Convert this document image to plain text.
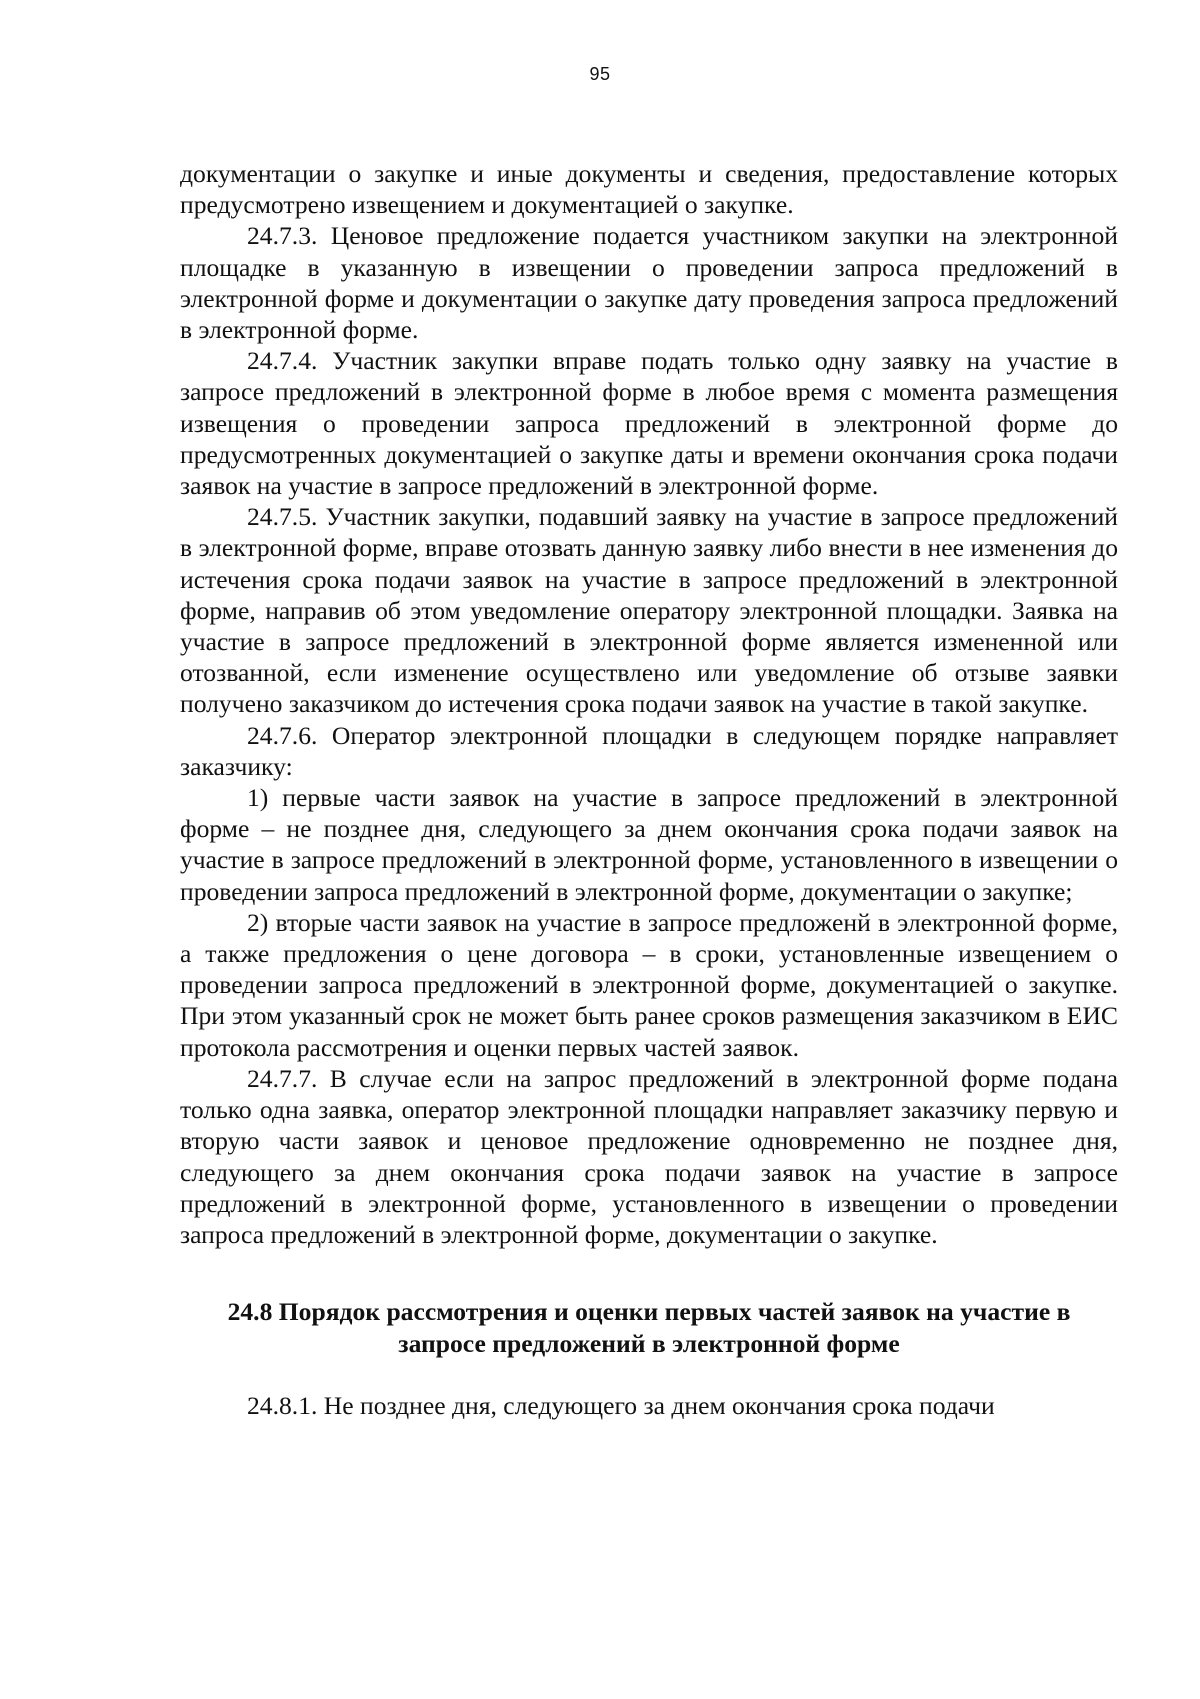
95

документации о закупке и иные документы и сведения, предоставление которых предусмотрено извещением и документацией о закупке.

24.7.3. Ценовое предложение подается участником закупки на электронной площадке в указанную в извещении о проведении запроса предложений в электронной форме и документации о закупке дату проведения запроса предложений в электронной форме.

24.7.4. Участник закупки вправе подать только одну заявку на участие в запросе предложений в электронной форме в любое время с момента размещения извещения о проведении запроса предложений в электронной форме до предусмотренных документацией о закупке даты и времени окончания срока подачи заявок на участие в запросе предложений в электронной форме.

24.7.5. Участник закупки, подавший заявку на участие в запросе предложений в электронной форме, вправе отозвать данную заявку либо внести в нее изменения до истечения срока подачи заявок на участие в запросе предложений в электронной форме, направив об этом уведомление оператору электронной площадки. Заявка на участие в запросе предложений в электронной форме является измененной или отозванной, если изменение осуществлено или уведомление об отзыве заявки получено заказчиком до истечения срока подачи заявок на участие в такой закупке.

24.7.6. Оператор электронной площадки в следующем порядке направляет заказчику:

1) первые части заявок на участие в запросе предложений в электронной форме – не позднее дня, следующего за днем окончания срока подачи заявок на участие в запросе предложений в электронной форме, установленного в извещении о проведении запроса предложений в электронной форме, документации о закупке;

2) вторые части заявок на участие в запросе предложенй в электронной форме, а также предложения о цене договора – в сроки, установленные извещением о проведении запроса предложений в электронной форме, документацией о закупке. При этом указанный срок не может быть ранее сроков размещения заказчиком в ЕИС протокола рассмотрения и оценки первых частей заявок.

24.7.7. В случае если на запрос предложений в электронной форме подана только одна заявка, оператор электронной площадки направляет заказчику первую и вторую части заявок и ценовое предложение одновременно не позднее дня, следующего за днем окончания срока подачи заявок на участие в запросе предложений в электронной форме, установленного в извещении о проведении запроса предложений в электронной форме, документации о закупке.

24.8 Порядок рассмотрения и оценки первых частей заявок на участие в запросе предложений в электронной форме

24.8.1. Не позднее дня, следующего за днем окончания срока подачи
